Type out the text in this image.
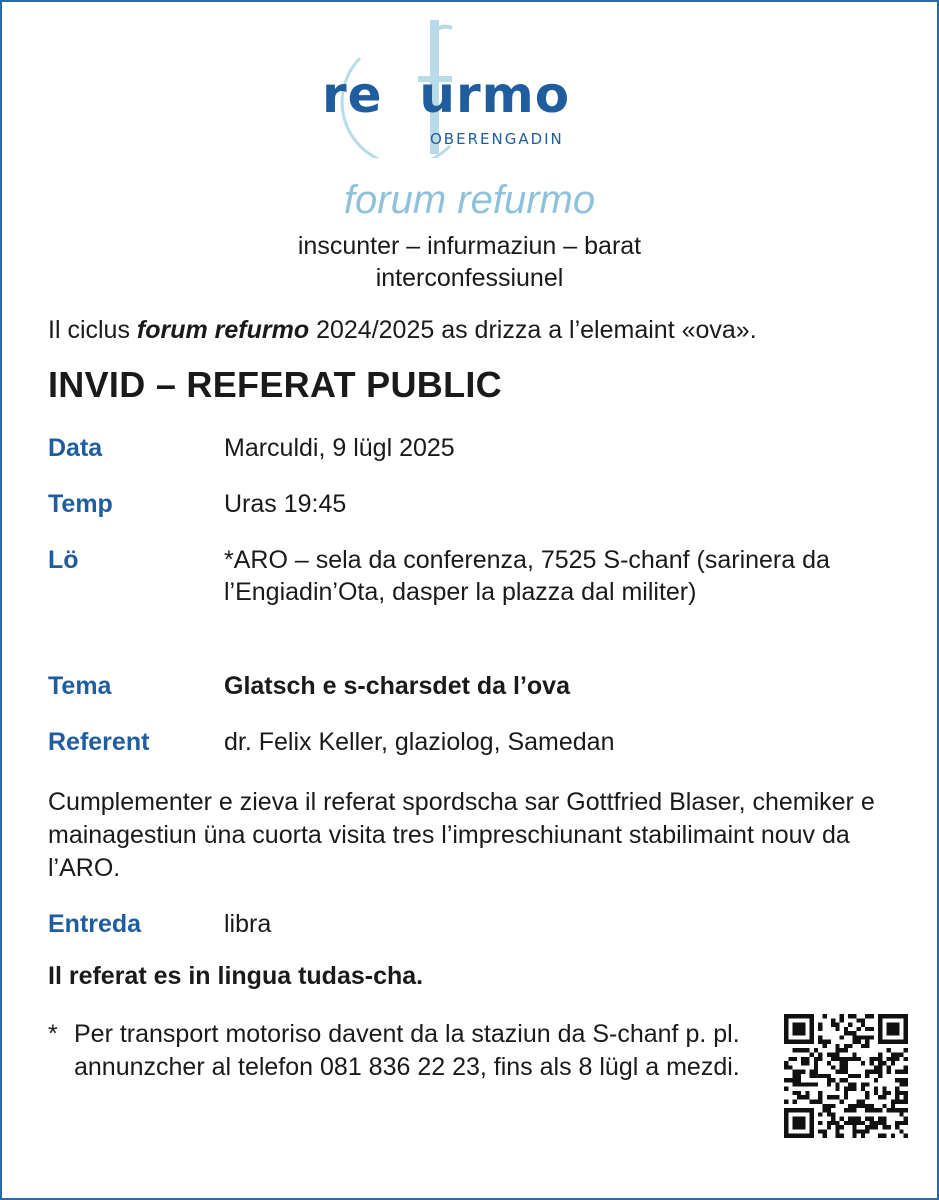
re urmo
OBERENGADIN
forum refurmo
inscunter – infurmaziun – barat
interconfessiunel
Il ciclus forum refurmo 2024/2025 as drizza a l’elemaint «ova».
INVID – REFERAT PUBLIC
Data	Marculdi, 9 lügl 2025
Temp	Uras 19:45
Lö	*ARO – sela da conferenza, 7525 S-chanf (sarinera da l’Engiadin’Ota, dasper la plazza dal militer)
Tema	Glatsch e s-charsdet da l’ova
Referent	dr. Felix Keller, glaziolog, Samedan
Cumplementer e zieva il referat spordscha sar Gottfried Blaser, chemiker e mainagestiun üna cuorta visita tres l’impreschiunant stabilimaint nouv da l’ARO.
Entreda	libra
Il referat es in lingua tudas-cha.
* Per transport motoriso davent da la staziun da S-chanf p. pl. annunzcher al telefon 081 836 22 23, fins als 8 lügl a mezdi.
